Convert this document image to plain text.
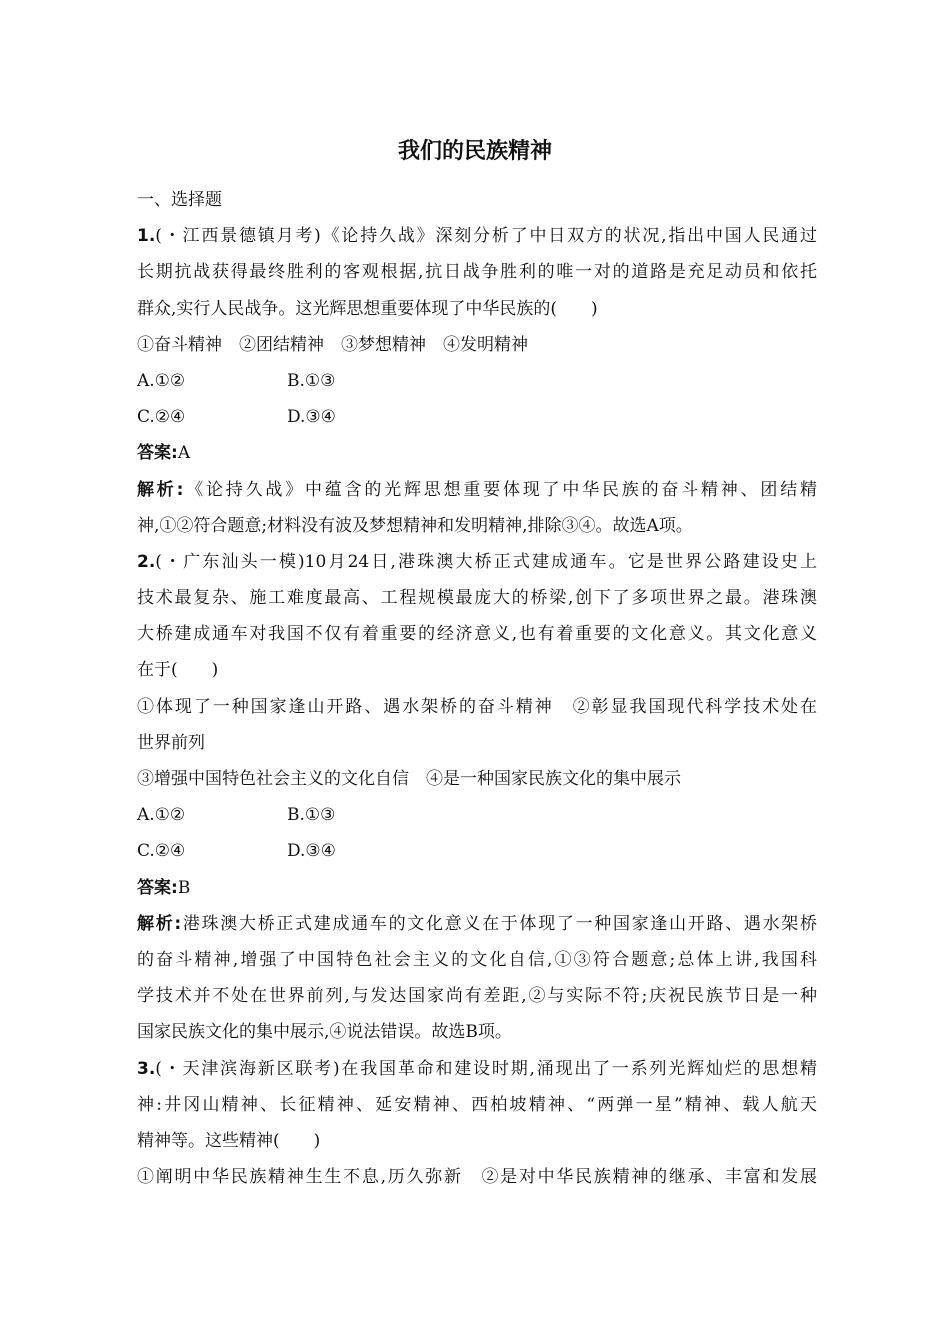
我们的民族精神
一、选择题
1.(・江西景德镇月考)《论持久战》深刻分析了中日双方的状况,指出中国人民通过
长期抗战获得最终胜利的客观根据,抗日战争胜利的唯一对的道路是充足动员和依托
群众,实行人民战争。这光辉思想重要体现了中华民族的(　　)
①奋斗精神　②团结精神　③梦想精神　④发明精神
A.①②	B.①③
C.②④	D.③④
答案:A
解析:《论持久战》中蕴含的光辉思想重要体现了中华民族的奋斗精神、团结精
神,①②符合题意;材料没有波及梦想精神和发明精神,排除③④。故选A项。
2.(・广东汕头一模)10月24日,港珠澳大桥正式建成通车。它是世界公路建设史上
技术最复杂、施工难度最高、工程规模最庞大的桥梁,创下了多项世界之最。港珠澳
大桥建成通车对我国不仅有着重要的经济意义,也有着重要的文化意义。其文化意义
在于(　　)
①体现了一种国家逢山开路、遇水架桥的奋斗精神　②彰显我国现代科学技术处在
世界前列
③增强中国特色社会主义的文化自信　④是一种国家民族文化的集中展示
A.①②	B.①③
C.②④	D.③④
答案:B
解析:港珠澳大桥正式建成通车的文化意义在于体现了一种国家逢山开路、遇水架桥
的奋斗精神,增强了中国特色社会主义的文化自信,①③符合题意;总体上讲,我国科
学技术并不处在世界前列,与发达国家尚有差距,②与实际不符;庆祝民族节日是一种
国家民族文化的集中展示,④说法错误。故选B项。
3.(・天津滨海新区联考)在我国革命和建设时期,涌现出了一系列光辉灿烂的思想精
神:井冈山精神、长征精神、延安精神、西柏坡精神、“两弹一星”精神、载人航天
精神等。这些精神(　　)
①阐明中华民族精神生生不息,历久弥新　②是对中华民族精神的继承、丰富和发展
